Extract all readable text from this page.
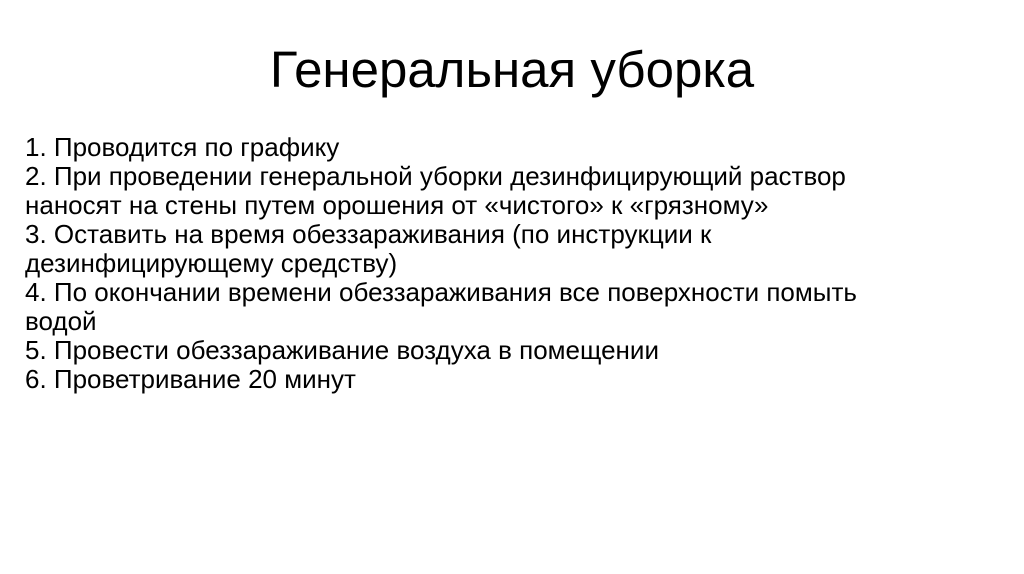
Генеральная уборка
1. Проводится по графику
2. При проведении генеральной уборки дезинфицирующий раствор наносят на стены путем орошения от «чистого» к «грязному»
3. Оставить на время обеззараживания (по инструкции к дезинфицирующему средству)
4. По окончании времени обеззараживания все поверхности помыть водой
5. Провести обеззараживание воздуха в помещении
6. Проветривание 20 минут
